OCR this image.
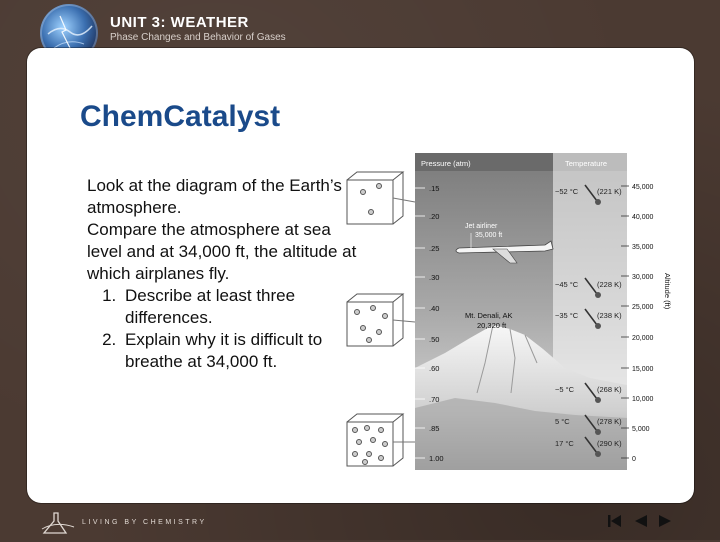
UNIT 3: WEATHER
Phase Changes and Behavior of Gases
ChemCatalyst

Look at the diagram of the Earth’s atmosphere.

Compare the atmosphere at sea level and at 34,000 ft, the altitude at which airplanes fly.

1. Describe at least three differences.
2. Explain why it is difficult to breathe at 34,000 ft.
Pressure (atm)	Temperature
Jet airliner
35,000 ft
Mt. Denali, AK
20,320 ft
Altitude (ft)
.15
.20
.25
.30
.40
.50
.60
.70
.85
1.00
45,000
40,000
35,000
30,000
25,000
20,000
15,000
10,000
5,000
0
−52 °C	(221 K)
−45 °C	(228 K)
−35 °C	(238 K)
−5 °C	(268 K)
5 °C	(278 K)
17 °C	(290 K)
LIVING BY CHEMISTRY
